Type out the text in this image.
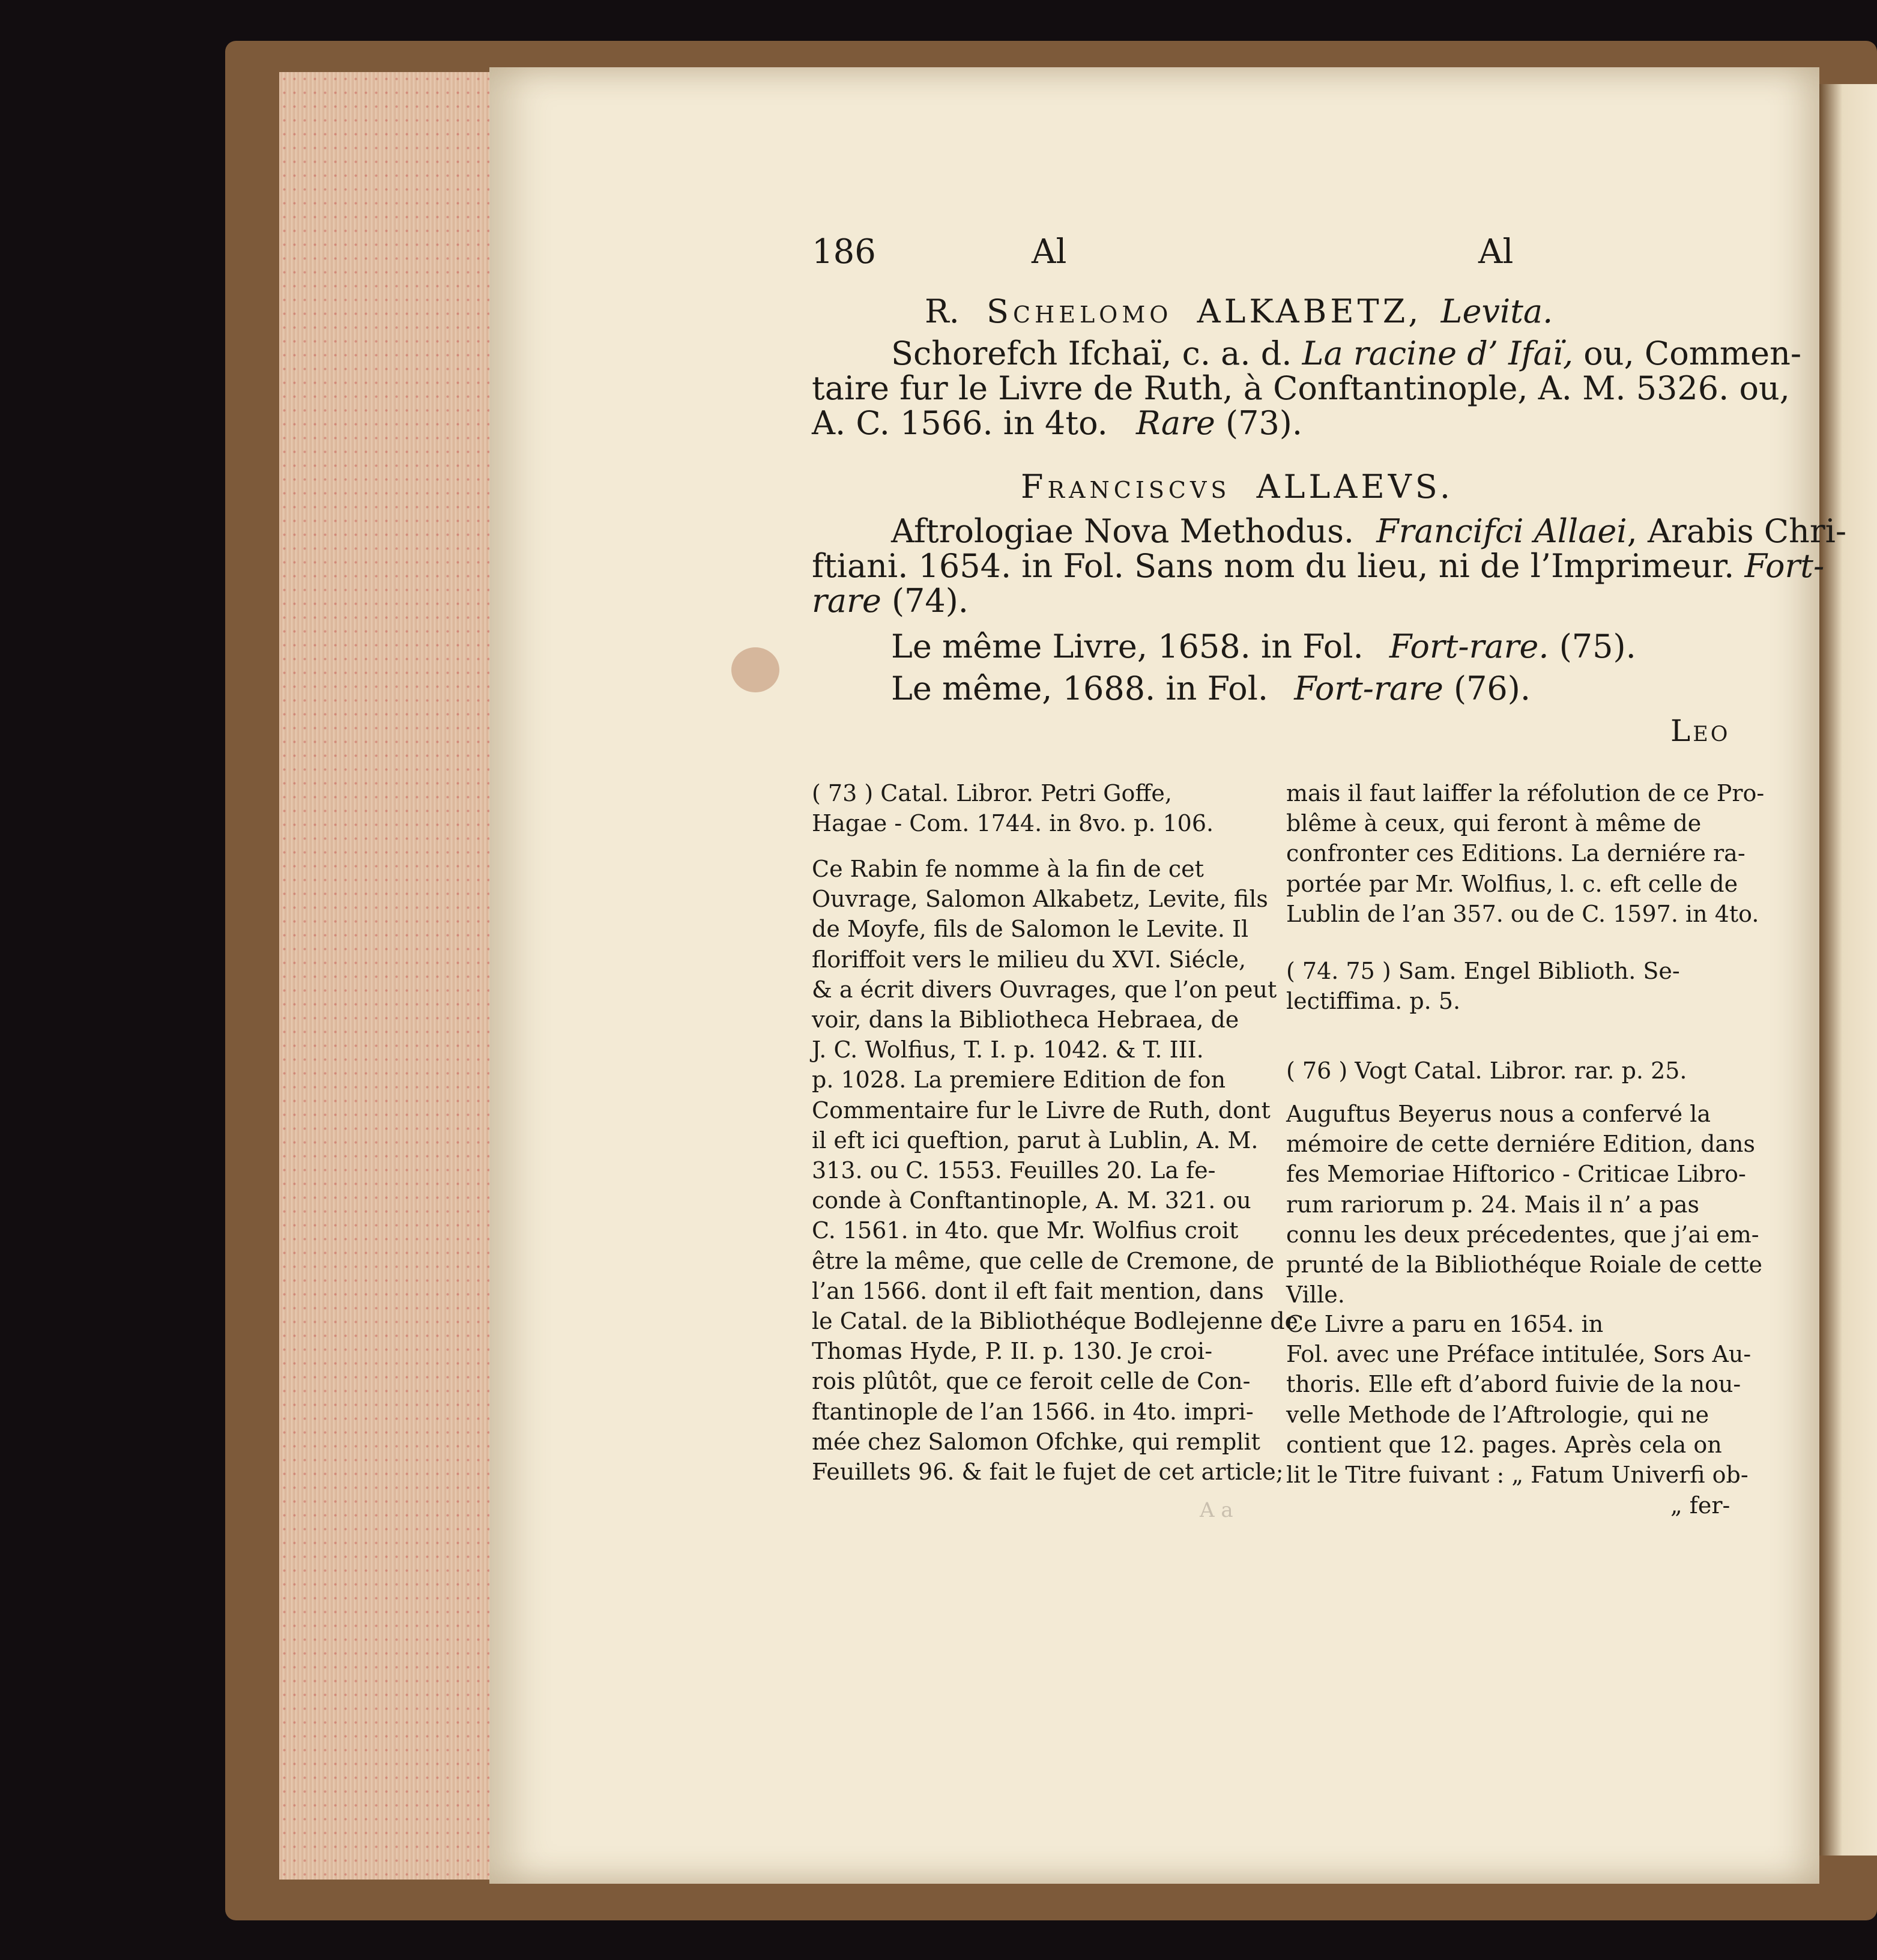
186	Al	Al
R. Schelomo ALKABETZ, Levita.
Schorefch Ifchaï, c. a. d. La racine d’ Ifaï, ou, Commen-
taire fur le Livre de Ruth, à Conftantinople, A. M. 5326. ou,
A. C. 1566. in 4to. Rare (73).
Franciscvs ALLAEVS.
Aftrologiae Nova Methodus. Francifci Allaei, Arabis Chri-
ftiani. 1654. in Fol. Sans nom du lieu, ni de l’Imprimeur. Fort-
rare (74).
Le même Livre, 1658. in Fol. Fort-rare. (75).
Le même, 1688. in Fol. Fort-rare (76).
Leo
( 73 ) Catal. Libror. Petri Goffe,
Hagae - Com. 1744. in 8vo. p. 106.
Ce Rabin fe nomme à la fin de cet
Ouvrage, Salomon Alkabetz, Levite, fils
de Moyfe, fils de Salomon le Levite. Il
floriffoit vers le milieu du XVI. Siécle,
& a écrit divers Ouvrages, que l’on peut
voir, dans la Bibliotheca Hebraea, de
J. C. Wolfius, T. I. p. 1042. & T. III.
p. 1028. La premiere Edition de fon
Commentaire fur le Livre de Ruth, dont
il eft ici queftion, parut à Lublin, A. M.
313. ou C. 1553. Feuilles 20. La fe-
conde à Conftantinople, A. M. 321. ou
C. 1561. in 4to. que Mr. Wolfius croit
être la même, que celle de Cremone, de
l’an 1566. dont il eft fait mention, dans
le Catal. de la Bibliothéque Bodlejenne de
Thomas Hyde, P. II. p. 130. Je croi-
rois plûtôt, que ce feroit celle de Con-
ftantinople de l’an 1566. in 4to. impri-
mée chez Salomon Ofchke, qui remplit
Feuillets 96. & fait le fujet de cet article;
mais il faut laiffer la réfolution de ce Pro-
blême à ceux, qui feront à même de
confronter ces Editions. La derniére ra-
portée par Mr. Wolfius, l. c. eft celle de
Lublin de l’an 357. ou de C. 1597. in 4to.
( 74. 75 ) Sam. Engel Biblioth. Se-
lectiffima. p. 5.
( 76 ) Vogt Catal. Libror. rar. p. 25.
Auguftus Beyerus nous a confervé la
mémoire de cette derniére Edition, dans
fes Memoriae Hiftorico - Criticae Libro-
rum rariorum p. 24. Mais il n’ a pas
connu les deux précedentes, que j’ai em-
prunté de la Bibliothéque Roiale de cette
Ville.
Ce Livre a paru en 1654. in
Fol. avec une Préface intitulée, Sors Au-
thoris. Elle eft d’abord fuivie de la nou-
velle Methode de l’Aftrologie, qui ne
contient que 12. pages. Après cela on
lit le Titre fuivant : „ Fatum Univerfi ob-
„ fer-
A a
